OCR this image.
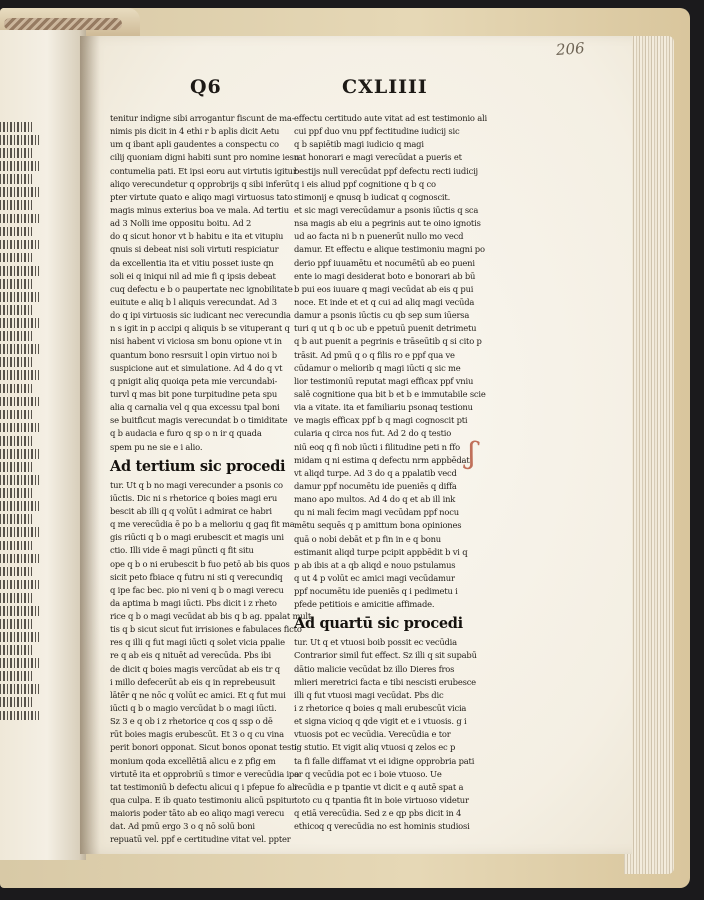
206
Q6	CXLIIII
tenitur indigne sibi arrogantur fiscunt de ma-
nimis pis dicit in 4 ethi r b aplis dicit Aetu
um q ibant apli gaudentes a conspectu co
cilij quoniam digni habiti sunt pro nomine iesu
contumelia pati. Et ipsi eoru aut virtutis igitur
aliqo verecundetur q opprobrijs q sibi inferūt
pter virtute quato e aliqo magi virtuosus tato
magis minus exterius boa ve mala. Ad tertiu
ad 3 Nolli ime oppositu boitu. Ad 2
do q sicut honor vt b habitu e ita et vitupiu
qnuis si debeat nisi soli virtuti respiciatur
da excellentia ita et vitiu posset iuste qn
soli ei q iniqui nil ad mie fi q ipsis debeat
cuq defectu e b o paupertate nec ignobilitate
euitute e aliq b l aliquis verecundat. Ad 3
do q ipi virtuosis sic iudicant nec verecundia
n s igit in p accipi q aliquis b se vituperant q
nisi habent vi viciosa sm bonu opione vt in
quantum bono resrsuit l opin virtuo noi b
suspicione aut et simulatione. Ad 4 do q vt
q pnigit aliq quoiqa peta mie vercundabi-
turvl q mas bit pone turpitudine peta spu
alia q carnalia vel q qua excessu tpal boni
se buitficut magis verecundat b o timiditate
q b audacia e furo q sp o n ir q quada
spem pu ne sie e i alio.
Ad tertium sic procedi
tur. Ut q b no magi verecunder a psonis co
iūctis. Dic ni s rhetorice q boies magi eru
bescit ab illi q q volūt i admirat ce habri
q me verecūdia ē po b a melioriu q gaq fit ma
gis riūcti q b o magi erubescit et magis uni
ctio. Illi vide ē magi pūncti q fit situ
ope q b o ni erubescit b fuo petō ab bis quos
sicit peto fbiace q futru ni sti q verecundiq
q ipe fac bec. pio ni veni q b o magi verecu
da aptima b magi iūcti. Pbs dicit i z rheto
rice q b o magi vecūdat ab bis q b ag. ppalat mult
tis q b sicut sicut fut irrisiones e fabulaces ficto
res q illi q fut magi iūcti q solet vicia ppalie
re q ab eis q nituēt ad verecūda. Pbs ibi
de dicit q boies magis vercūdat ab eis tr q
i millo defecerūt ab eis q in reprebeusuit
lātēr q ne nōc q volūt ec amici. Et q fut mui
iūcti q b o magio vercūdat b o magi iūcti.
Sz 3 e q ob i z rhetorice q cos q ssp o dē
rūt boies magis erubescūt. Et 3 o q cu vina
perit bonori opponat. Sicut bonos oponat testi
monium qoda excellētiā alicu e z pfig em
virtutē ita et opprobriū s timor e verecūdia ipo
tat testimoniū b defectu alicui q i pfepue fo ali
qua culpa. E ib quato testimoniu alicū pspitur
maioris poder tāto ab eo aliqo magi verecu
dat. Ad pmū ergo 3 o q nō solū boni
repuatū vel. ppf e certitudine vitat vel. ppter
effectu certitudo aute vitat ad est testimonio ali
cui ppf duo vnu ppf fectitudine iudicij sic
q b sapiētib magi iudicio q magi
rat honorari e magi verecūdat a pueris et
bestijs null verecūdat ppf defectu recti iudicij
q i eis aliud ppf cognitione q b q co
stimonij e qnusq b iudicat q cognoscit.
et sic magi verecūdamur a psonis iūctis q sca
nsa magis ab eiu a pegrinis aut te oino ignotis
ud ao facta ni b n puenerūt nullo mo vecd
damur. Et effectu e alique testimoniu magni po
derio ppf iuuamētu et nocumētū ab eo pueni
ente io magi desiderat boto e bonorari ab bū
b pui eos iuuare q magi vecūdat ab eis q pui
noce. Et inde et et q cui ad aliq magi vecūda
damur a psonis iūctis cu qb sep sum iūersa
turi q ut q b oc ub e ppetuū puenit detrimetu
q b aut puenit a pegrinis e trāseūtib q si cito p
trāsit. Ad pmū q o q filis ro e ppf qua ve
cūdamur o meliorib q magi iūcti q sic me
lior testimoniū reputat magi efficax ppf vniu
salē cognitione qua bit b et b e immutabile scie
via a vitate. ita et familiariu psonaq testionu
ve magis efficax ppf b q magi cognoscit pti
cularia q circa nos fut. Ad 2 do q testio
niū eoq q fi nob iūcti i filitudine peti n ffo
midam q ni estima q defectu nrm appbēdat
vt aliqd turpe. Ad 3 do q a ppalatib vecd
damur ppf nocumētu ide pueniēs q diffa
mano apo multos. Ad 4 do q et ab ill ink
qu ni mali fecim magi vecūdam ppf nocu
mētu sequēs q p amittum bona opiniones
quā o nobi debāt et p fin in e q bonu
estimanit aliqd turpe pcipit appbēdit b vi q
p ab ibis at a qb aliqd e nouo pstulamus
q ut 4 p volūt ec amici magi vecūdamur
ppf nocumētu ide pueniēs q i pedimetu i
pfede petitiois e amicitie affimade.
Ad quartū sic procedi
tur. Ut q et vtuosi boib possit ec vecūdia
Contrarior simil fut effect. Sz illi q sit supabū
dātio malicie vecūdat bz illo Dieres fros
mlieri meretrici facta e tibi nescisti erubesce
illi q fut vtuosi magi vecūdat. Pbs dic
i z rhetorice q boies q mali erubescūt vicia
et signa vicioq q qde vigit et e i vtuosis. g i
vtuosis pot ec vecūdia. Verecūdia e tor
ig stutio. Et vigit aliq vtuosi q zelos ec p
ta fi falle diffamat vt ei idigne opprobria pati
ar q vecūdia pot ec i boie vtuoso. Ue
recūdia e p tpantie vt dicit e q autē spat a
toto cu q tpantia fit in boie virtuoso videtur
q etiā verecūdia. Sed z e qp pbs dicit in 4
ethicoq q verecūdia no est hominis studiosi
ʃ
